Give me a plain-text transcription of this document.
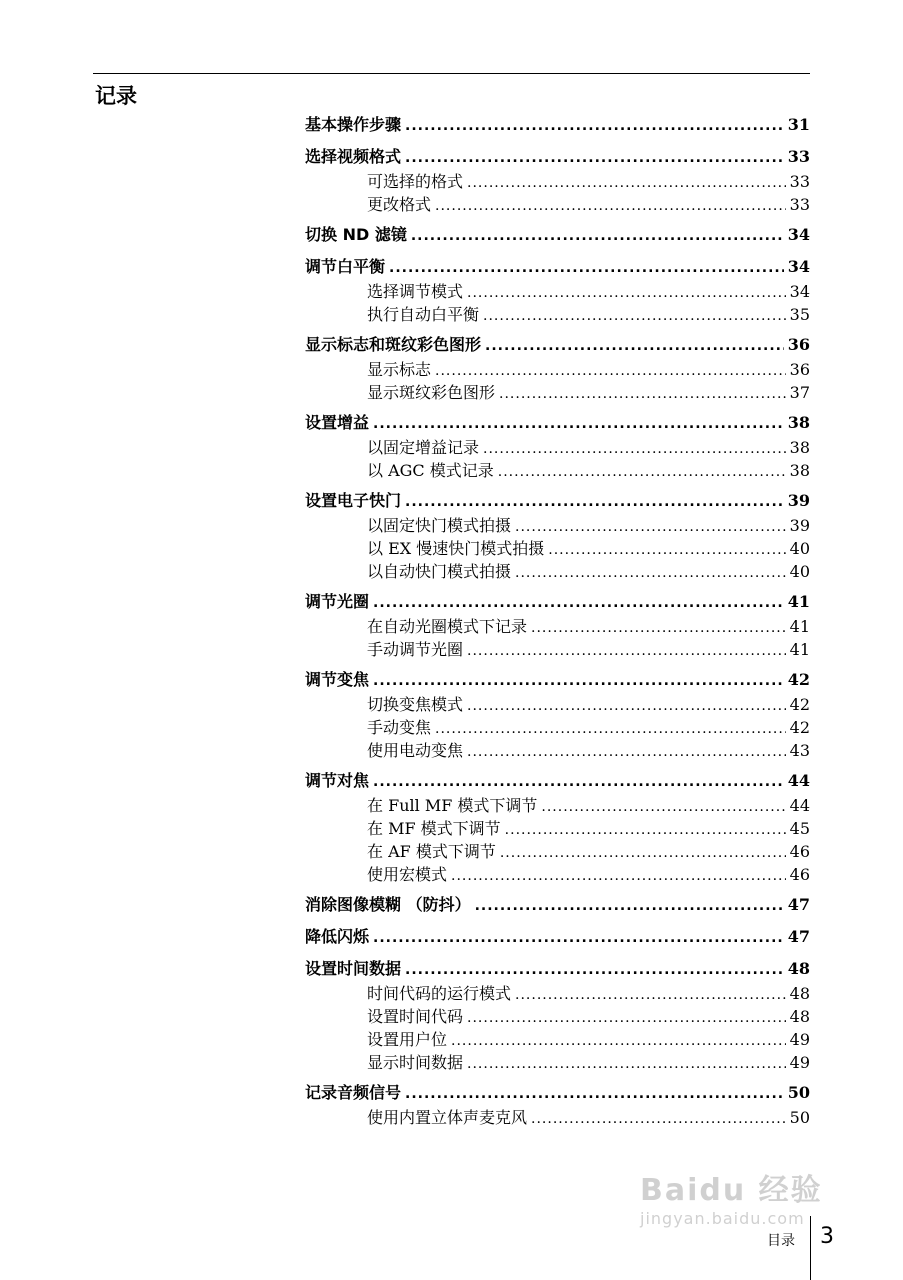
记录
基本操作步骤 .....	31
选择视频格式 .....	33
可选择的格式 .....	33
更改格式 .....	33
切换 ND 滤镜 .....	34
调节白平衡 .....	34
选择调节模式 .....	34
执行自动白平衡 .....	35
显示标志和斑纹彩色图形 .....	36
显示标志 .....	36
显示斑纹彩色图形 .....	37
设置增益 .....	38
以固定增益记录 .....	38
以 AGC 模式记录 .....	38
设置电子快门 .....	39
以固定快门模式拍摄 .....	39
以 EX 慢速快门模式拍摄 .....	40
以自动快门模式拍摄 .....	40
调节光圈 .....	41
在自动光圈模式下记录 .....	41
手动调节光圈 .....	41
调节变焦 .....	42
切换变焦模式 .....	42
手动变焦 .....	42
使用电动变焦 .....	43
调节对焦 .....	44
在 Full MF 模式下调节 .....	44
在 MF 模式下调节 .....	45
在 AF 模式下调节 .....	46
使用宏模式 .....	46
消除图像模糊 （防抖） .....	47
降低闪烁 .....	47
设置时间数据 .....	48
时间代码的运行模式 .....	48
设置时间代码 .....	48
设置用户位 .....	49
显示时间数据 .....	49
记录音频信号 .....	50
使用内置立体声麦克风 .....	50
Baidu 经验
jingyan.baidu.com
目录 3
